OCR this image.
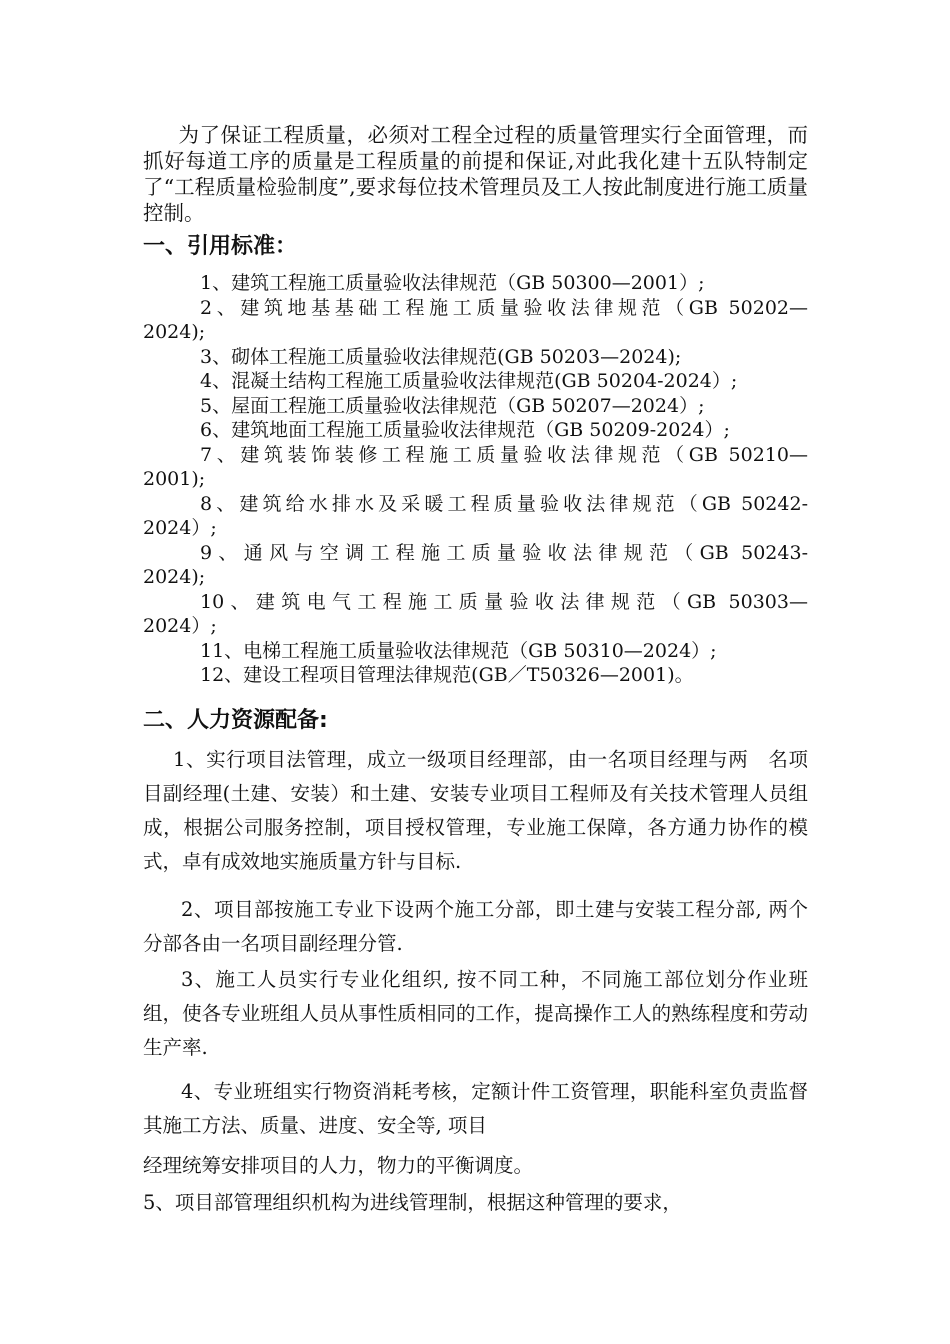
为了保证工程质量，必须对工程全过程的质量管理实行全面管理，而抓好每道工序的质量是工程质量的前提和保证,对此我化建十五队特制定了“工程质量检验制度”,要求每位技术管理员及工人按此制度进行施工质量控制。

一、引用标准：
1、建筑工程施工质量验收法律规范（GB 50300—2001）;
2、建筑地基基础工程施工质量验收法律规范（GB 50202—
2024);
3、砌体工程施工质量验收法律规范(GB 50203—2024);
4、混凝土结构工程施工质量验收法律规范(GB 50204-2024）;
5、屋面工程施工质量验收法律规范（GB 50207—2024）;
6、建筑地面工程施工质量验收法律规范（GB 50209-2024）;
7、建筑装饰装修工程施工质量验收法律规范（GB 50210—
2001);
8、建筑给水排水及采暖工程质量验收法律规范（GB 50242-
2024）;
9、通风与空调工程施工质量验收法律规范（GB 50243-
2024);
10、建筑电气工程施工质量验收法律规范（GB 50303—
2024）;
11、电梯工程施工质量验收法律规范（GB 50310—2024）;
12、建设工程项目管理法律规范(GB／T50326—2001)。
二、人力资源配备:

1、实行项目法管理，成立一级项目经理部，由一名项目经理与两　名项目副经理(土建、安装）和土建、安装专业项目工程师及有关技术管理人员组成，根据公司服务控制，项目授权管理，专业施工保障，各方通力协作的模式，卓有成效地实施质量方针与目标.

2、项目部按施工专业下设两个施工分部，即土建与安装工程分部, 两个分部各由一名项目副经理分管.

3、施工人员实行专业化组织, 按不同工种，不同施工部位划分作业班组，使各专业班组人员从事性质相同的工作，提高操作工人的熟练程度和劳动生产率.

4、专业班组实行物资消耗考核，定额计件工资管理，职能科室负责监督其施工方法、质量、进度、安全等, 项目

经理统筹安排项目的人力，物力的平衡调度。

5、项目部管理组织机构为进线管理制，根据这种管理的要求，
